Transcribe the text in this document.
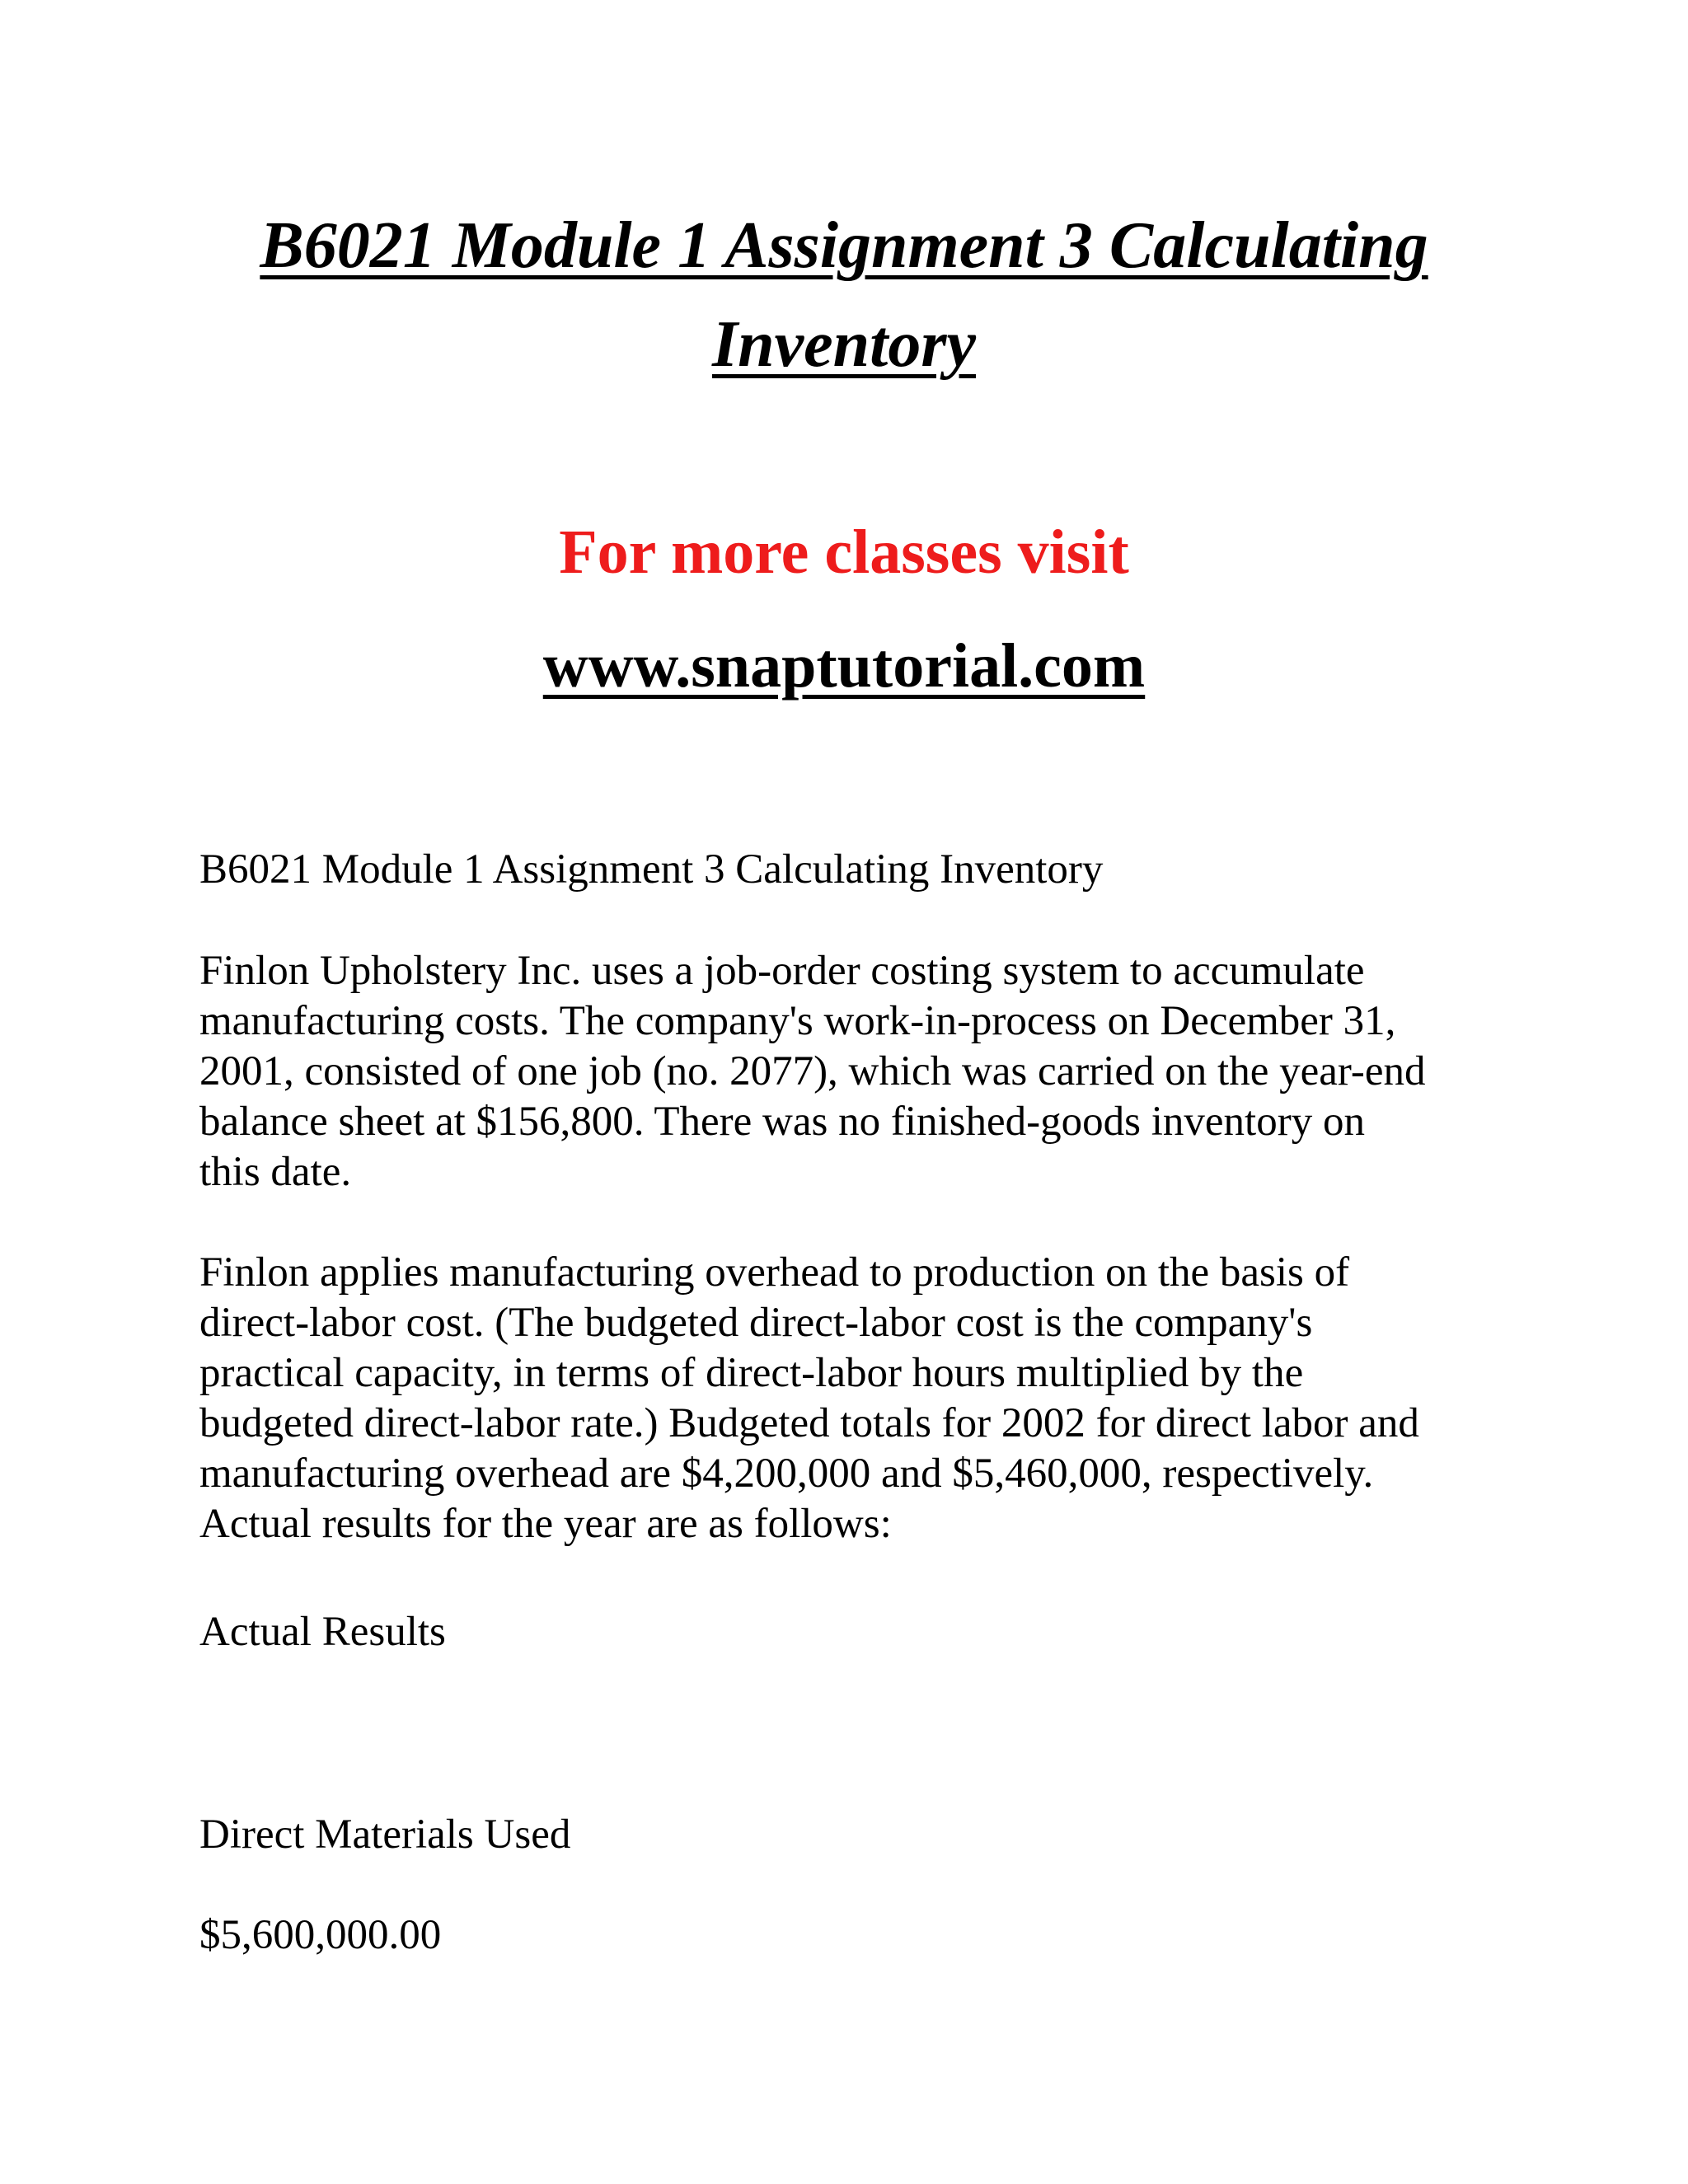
B6021 Module 1 Assignment 3 Calculating
Inventory
For more classes visit
www.snaptutorial.com
B6021 Module 1 Assignment 3 Calculating Inventory
Finlon Upholstery Inc. uses a job-order costing system to accumulate
manufacturing costs. The company's work-in-process on December 31,
2001, consisted of one job (no. 2077), which was carried on the year-end
balance sheet at $156,800. There was no finished-goods inventory on
this date.
Finlon applies manufacturing overhead to production on the basis of
direct-labor cost. (The budgeted direct-labor cost is the company's
practical capacity, in terms of direct-labor hours multiplied by the
budgeted direct-labor rate.) Budgeted totals for 2002 for direct labor and
manufacturing overhead are $4,200,000 and $5,460,000, respectively.
Actual results for the year are as follows:
Actual Results
Direct Materials Used
$5,600,000.00
